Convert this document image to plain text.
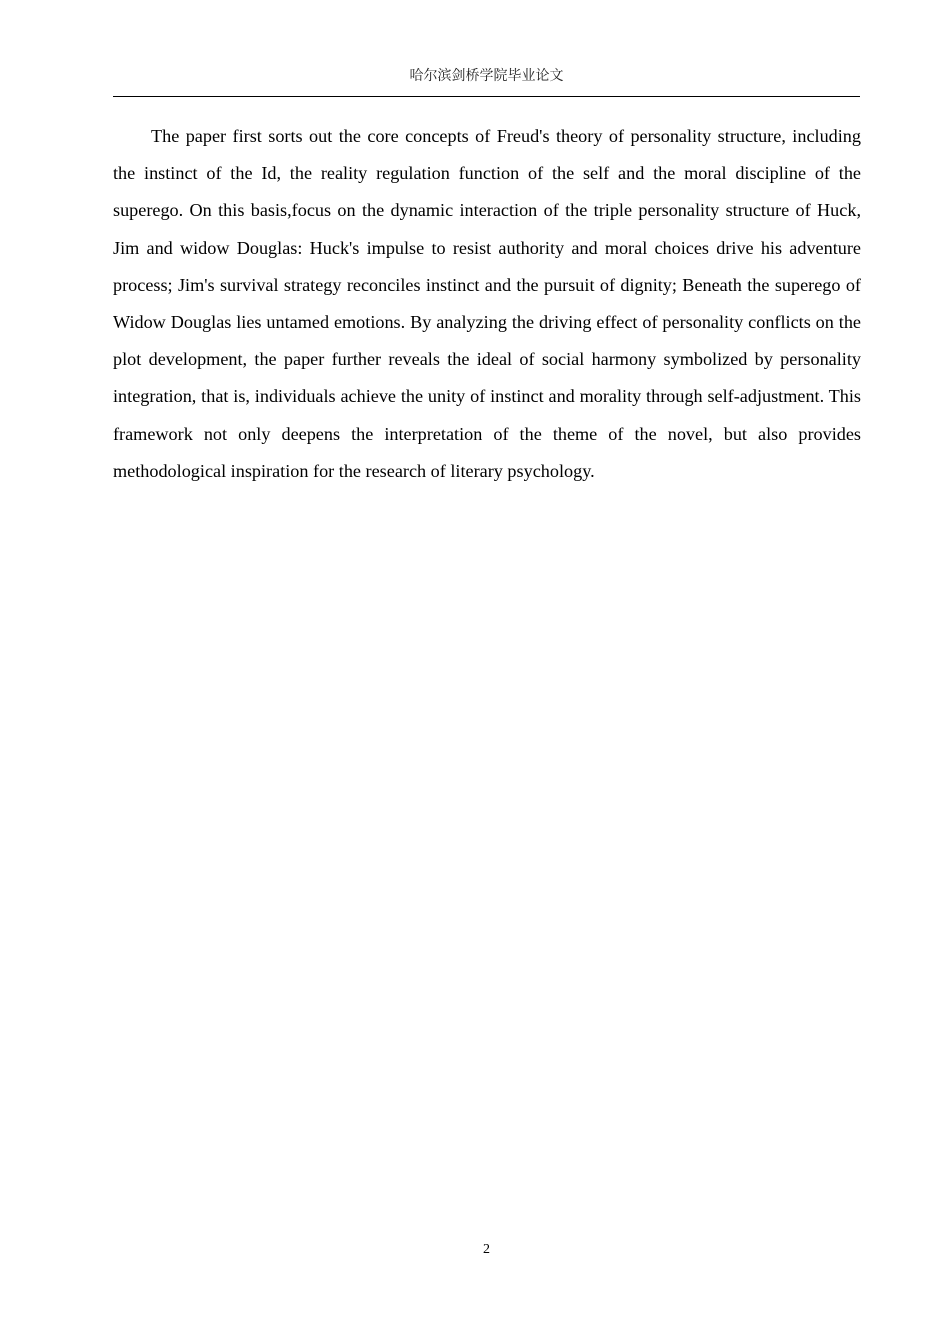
哈尔滨剑桥学院毕业论文

The paper first sorts out the core concepts of Freud's theory of personality structure, including the instinct of the Id, the reality regulation function of the self and the moral discipline of the superego. On this basis,focus on the dynamic interaction of the triple personality structure of Huck, Jim and widow Douglas: Huck's impulse to resist authority and moral choices drive his adventure process; Jim's survival strategy reconciles instinct and the pursuit of dignity; Beneath the superego of Widow Douglas lies untamed emotions. By analyzing the driving effect of personality conflicts on the plot development, the paper further reveals the ideal of social harmony symbolized by personality integration, that is, individuals achieve the unity of instinct and morality through self-adjustment. This framework not only deepens the interpretation of the theme of the novel, but also provides methodological inspiration for the research of literary psychology.

2
